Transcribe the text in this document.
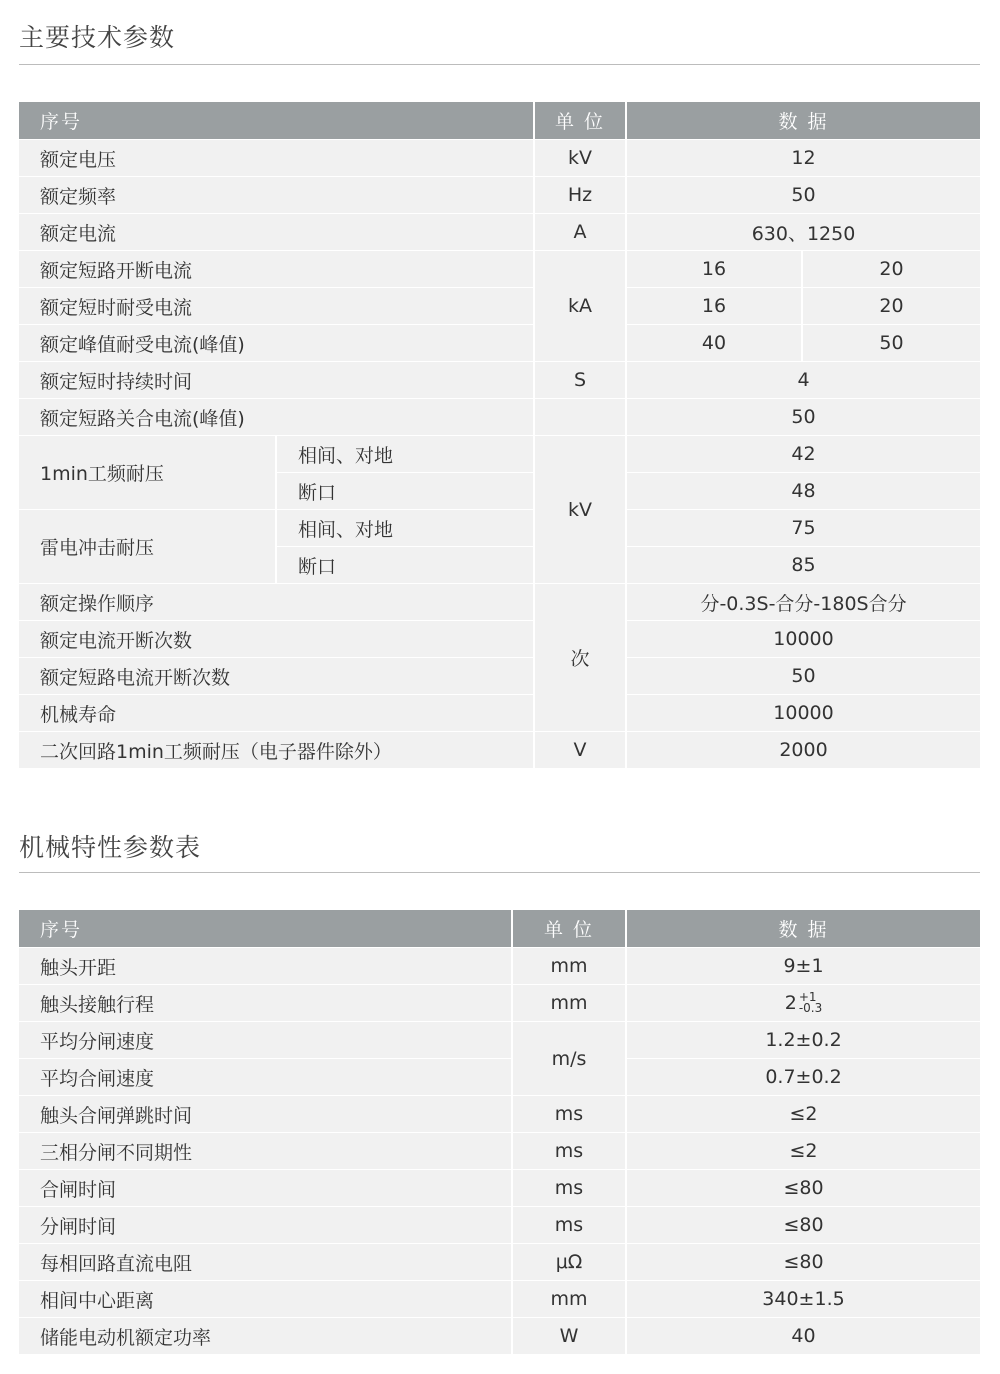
主要技术参数
序号		单 位	数 据	
额定电压		kV	12	
额定频率		Hz	50	
额定电流		A	630、1250	
额定短路开断电流		kA	16	20
额定短时耐受电流			16	20
额定峰值耐受电流(峰值)			40	50
额定短时持续时间		S	4	
额定短路关合电流(峰值)			50	
1min工频耐压	相间、对地	kV	42	
	断口		48	
雷电冲击耐压	相间、对地		75	
	断口		85	
额定操作顺序		次	分-0.3S-合分-180S合分	
额定电流开断次数			10000	
额定短路电流开断次数			50	
机械寿命			10000	
二次回路1min工频耐压（电子器件除外）		V	2000	
机械特性参数表
序号	单 位	数 据
触头开距	mm	9±1
触头接触行程	mm	2 +1
-0.3
平均分闸速度	m/s	1.2±0.2
平均合闸速度		0.7±0.2
触头合闸弹跳时间	ms	≤2
三相分闸不同期性	ms	≤2
合闸时间	ms	≤80
分闸时间	ms	≤80
每相回路直流电阻	μΩ	≤80
相间中心距离	mm	340±1.5
储能电动机额定功率	W	40
